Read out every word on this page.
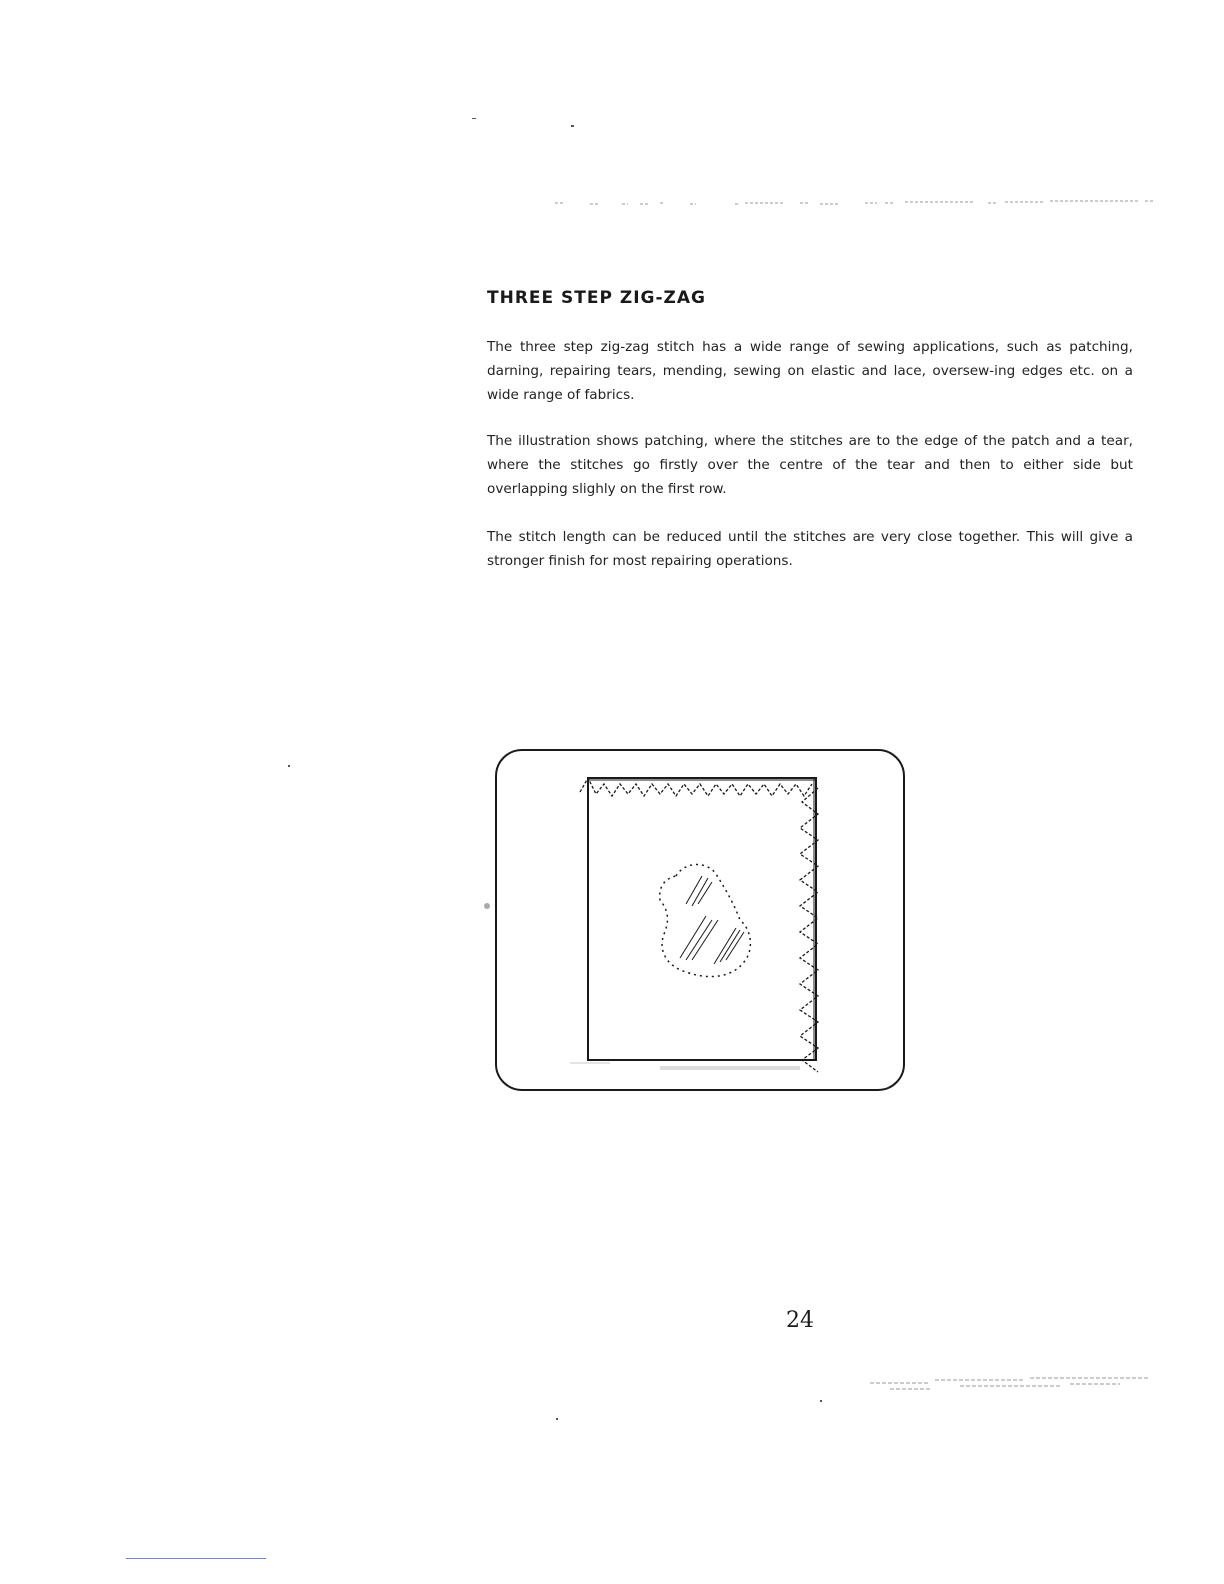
THREE STEP ZIG-ZAG

The three step zig-zag stitch has a wide range of sewing applications, such as patching, darning, repairing tears, mending, sewing on elastic and lace, oversew-ing edges etc. on a wide range of fabrics.

The illustration shows patching, where the stitches are to the edge of the patch and a tear, where the stitches go firstly over the centre of the tear and then to either side but overlapping slighly on the first row.

The stitch length can be reduced until the stitches are very close together. This will give a stronger finish for most repairing operations.

24
